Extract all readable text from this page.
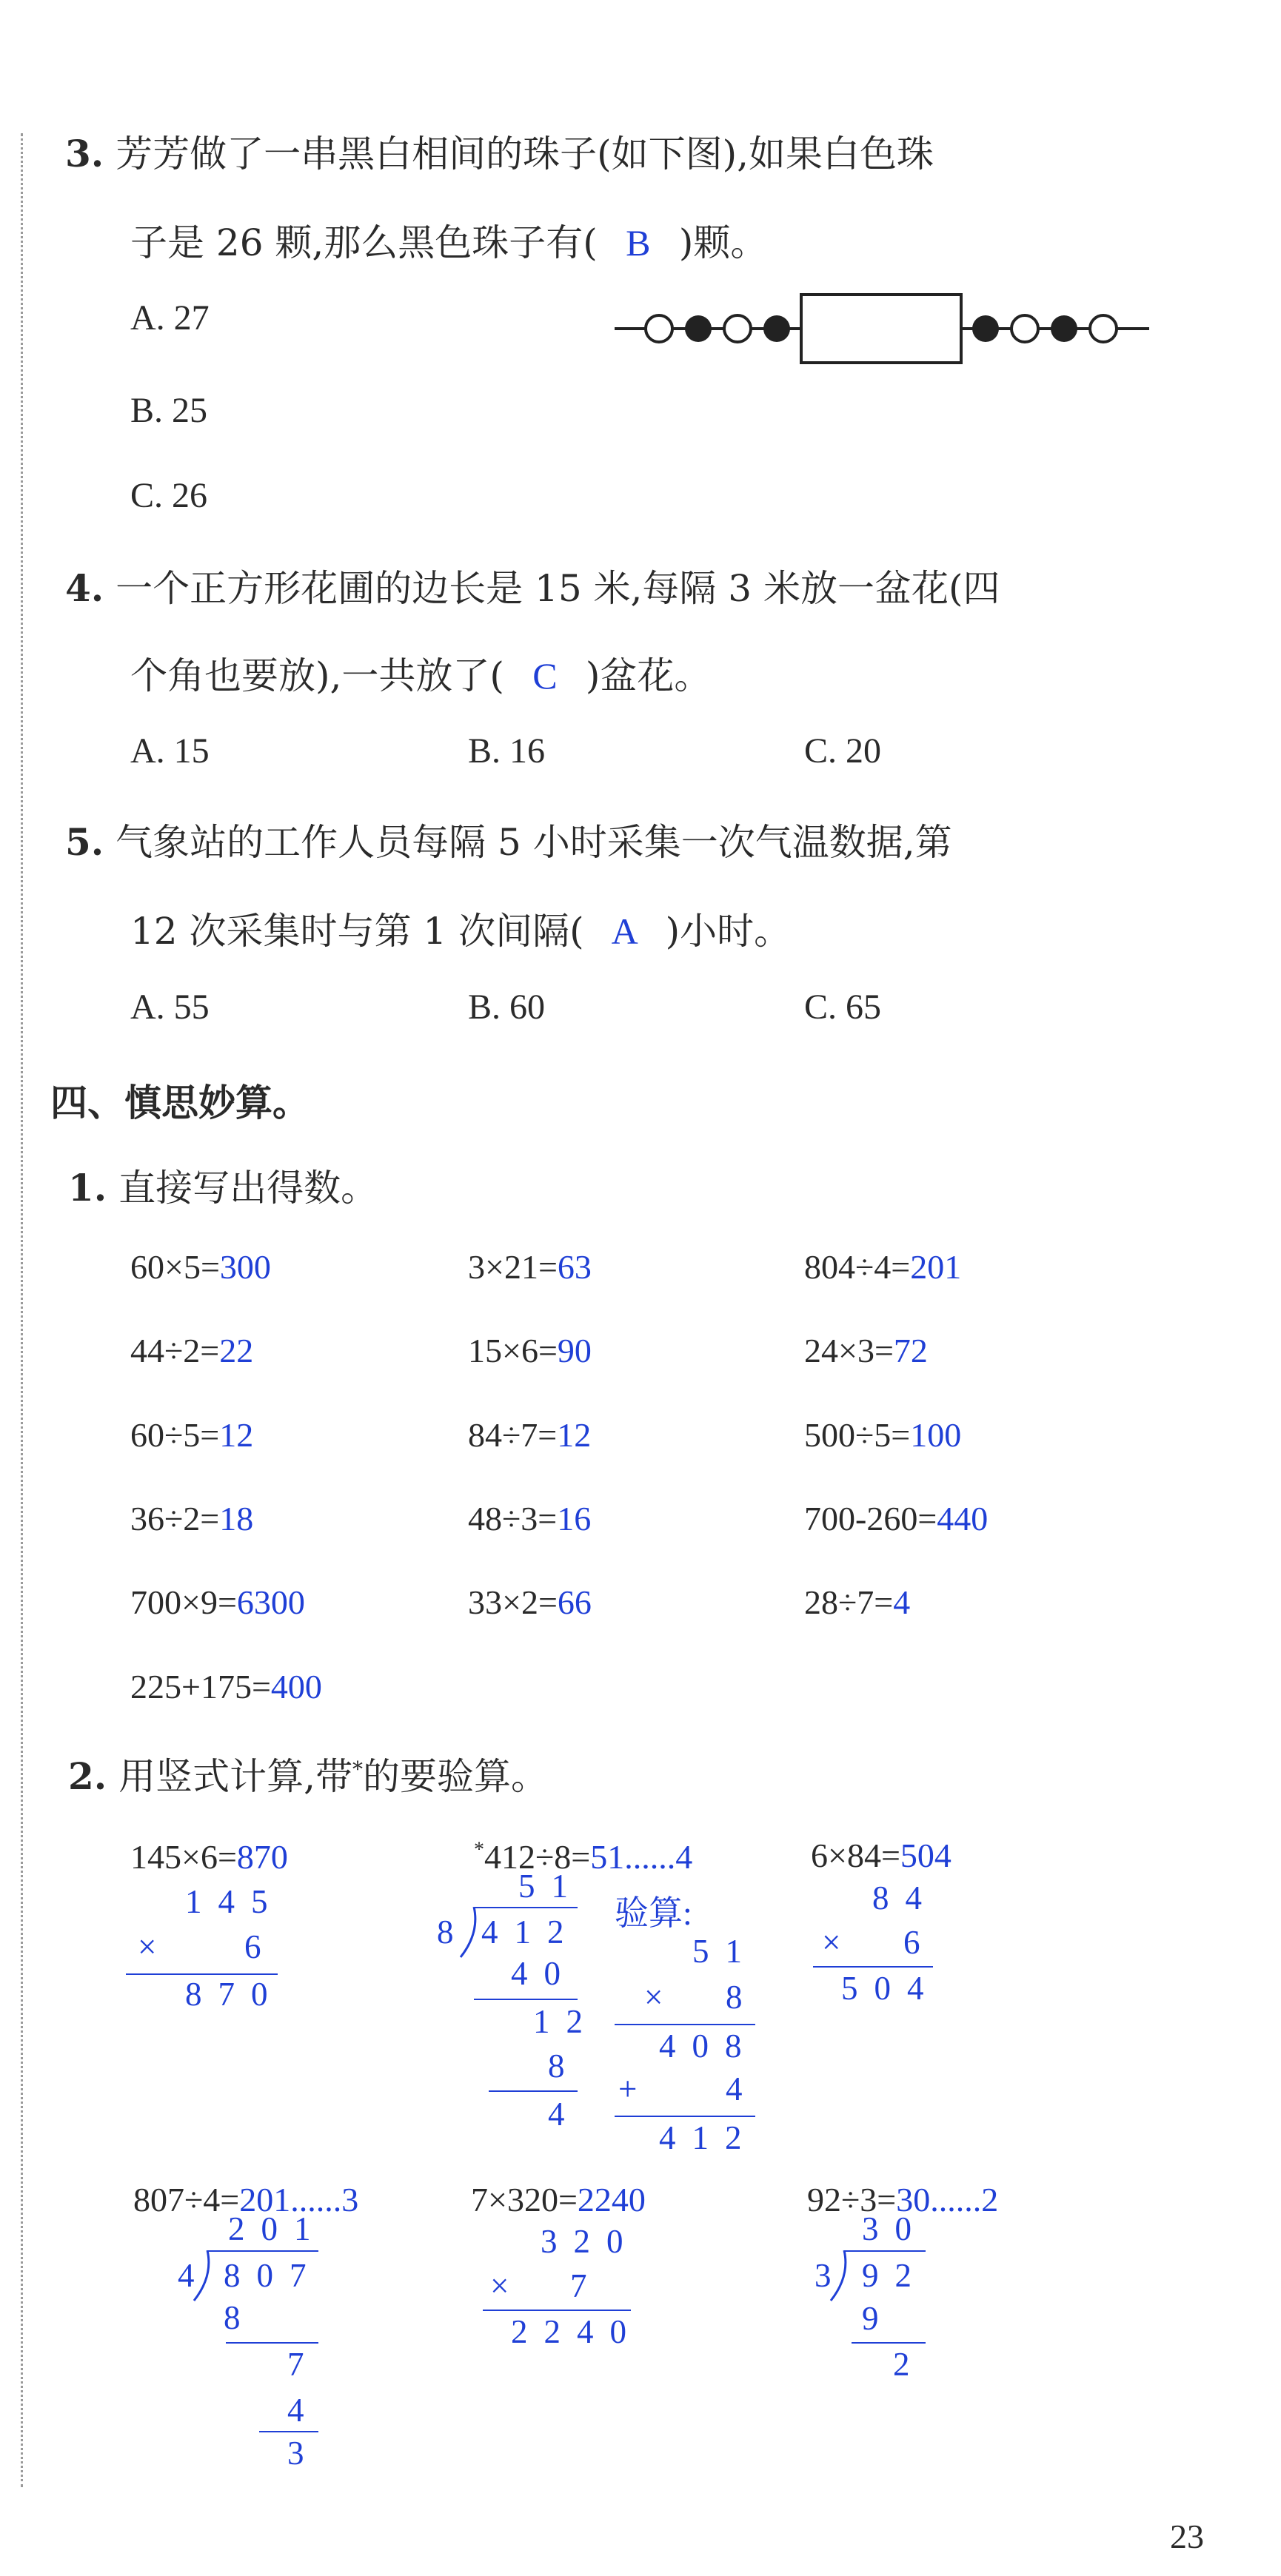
3. 芳芳做了一串黑白相间的珠子(如下图),如果白色珠
子是 26 颗,那么黑色珠子有( B )颗。
A. 27
B. 25
C. 26
4. 一个正方形花圃的边长是 15 米,每隔 3 米放一盆花(四
个角也要放),一共放了( C )盆花。
A. 15	B. 16	C. 20
5. 气象站的工作人员每隔 5 小时采集一次气温数据,第
12 次采集时与第 1 次间隔( A )小时。
A. 55	B. 60	C. 65
四、慎思妙算。
1. 直接写出得数。
60×5=300	3×21=63	804÷4=201
44÷2=22	15×6=90	24×3=72
60÷5=12	84÷7=12	500÷5=100
36÷2=18	48÷3=16	700-260=440
700×9=6300	33×2=66	28÷7=4
225+175=400
2. 用竖式计算,带*的要验算。
145×6=870
145
× 6
870
*412÷8=51......4
51
8 412
40
12
8
4
验算:
51
× 8
408
+ 4
412
6×84=504
84
× 6
504
807÷4=201......3
201
4 807
8
7
4
3
7×320=2240
320
× 7
2240
92÷3=30......2
30
3 92
9
2
23
